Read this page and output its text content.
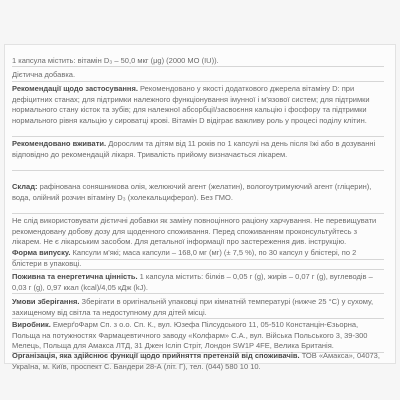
1 капсула містить: вітамін D₃ – 50,0 мкг (μg) (2000 МО (IU)).

Дієтична добавка.

Рекомендації щодо застосування. Рекомендовано у якості додаткового джерела вітаміну D: при дефіцитних станах; для підтримки належного функціонування імунної і м'язової систем; для підтримки нормального стану кісток та зубів; для належної абсорбції/засвоєння кальцію і фосфору та підтримки нормального рівня кальцію у сироватці крові. Вітамін D відіграє важливу роль у процесі поділу клітин.

Рекомендовано вживати. Дорослим та дітям від 11 років по 1 капсулі на день після їжі або в дозуванні відповідно до рекомендацій лікаря. Тривалість прийому визначається лікарем.

Склад: рафінована соняшникова олія, желюючий агент (желатин), вологоутримуючий агент (гліцерин), вода, олійний розчин вітаміну D₃ (холекальциферол). Без ГМО.

Не слід використовувати дієтичні добавки як заміну повноцінного раціону харчування. Не перевищувати рекомендовану добову дозу для щоденного споживання. Перед споживанням проконсультуйтесь з лікарем. Не є лікарським засобом. Для детальної інформації про застереження див. інструкцію.

Форма випуску. Капсули м'які; маса капсули – 168,0 мг (мг) (± 7,5 %), по 30 капсул у блістері, по 2 блістери в упаковці.

Поживна та енергетична цінність. 1 капсула містить: білків – 0,05 г (g), жирів – 0,07 г (g), вуглеводів – 0,03 г (g), 0,97 ккал (kcal)/4,05 кДж (kJ).

Умови зберігання. Зберігати в оригінальній упаковці при кімнатній температурі (нижче 25 °С) у сухому, захищеному від світла та недоступному для дітей місці.

Виробник. ЕмерґоФарм Сп. з о.о. Сп. К., вул. Юзефа Пілсудського 11, 05-510 Констанцін-Єзьорна, Польща на потужностях Фармацевтичного заводу «Колфарм» С.А., вул. Війська Польського 3, 39-300 Мелець, Польща для Амакса ЛТД, 31 Джен Ісліп Стріт, Лондон SW1P 4FE, Велика Британія.

Організація, яка здійснює функції щодо прийняття претензій від споживачів. ТОВ «Амакса», 04073, Україна, м. Київ, проспект С. Бандери 28-А (літ. Г), тел. (044) 580 10 10.
